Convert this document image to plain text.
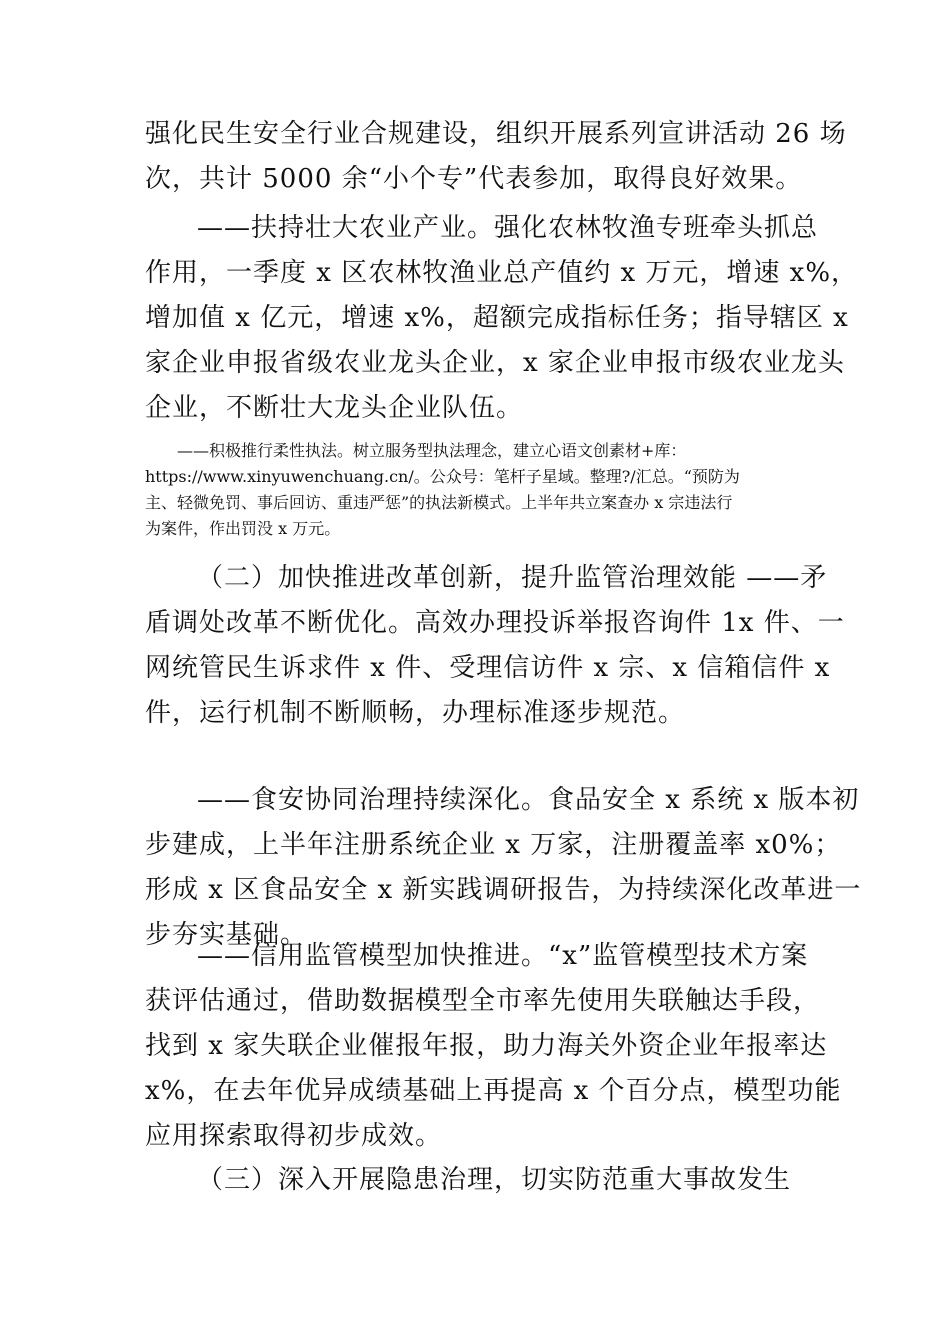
强化民生安全行业合规建设，组织开展系列宣讲活动 26 场
次，共计 5000 余“小个专”代表参加，取得良好效果。
——扶持壮大农业产业。强化农林牧渔专班牵头抓总
作用，一季度 x 区农林牧渔业总产值约 x 万元，增速 x%，
增加值 x 亿元，增速 x%，超额完成指标任务；指导辖区 x
家企业申报省级农业龙头企业，x 家企业申报市级农业龙头
企业，不断壮大龙头企业队伍。
——积极推行柔性执法。树立服务型执法理念，建立心语文创素材+库：
https://www.xinyuwenchuang.cn/。公众号：笔杆子星域。整理?/汇总。“预防为
主、轻微免罚、事后回访、重违严惩”的执法新模式。上半年共立案查办 x 宗违法行
为案件，作出罚没 x 万元。
（二）加快推进改革创新，提升监管治理效能 ——矛
盾调处改革不断优化。高效办理投诉举报咨询件 1x 件、一
网统管民生诉求件 x 件、受理信访件 x 宗、x 信箱信件 x
件，运行机制不断顺畅，办理标准逐步规范。
——食安协同治理持续深化。食品安全 x 系统 x 版本初
步建成，上半年注册系统企业 x 万家，注册覆盖率 x0%；
形成 x 区食品安全 x 新实践调研报告，为持续深化改革进一
步夯实基础。
——信用监管模型加快推进。“x”监管模型技术方案
获评估通过，借助数据模型全市率先使用失联触达手段，
找到 x 家失联企业催报年报，助力海关外资企业年报率达
x%，在去年优异成绩基础上再提高 x 个百分点，模型功能
应用探索取得初步成效。
（三）深入开展隐患治理，切实防范重大事故发生
